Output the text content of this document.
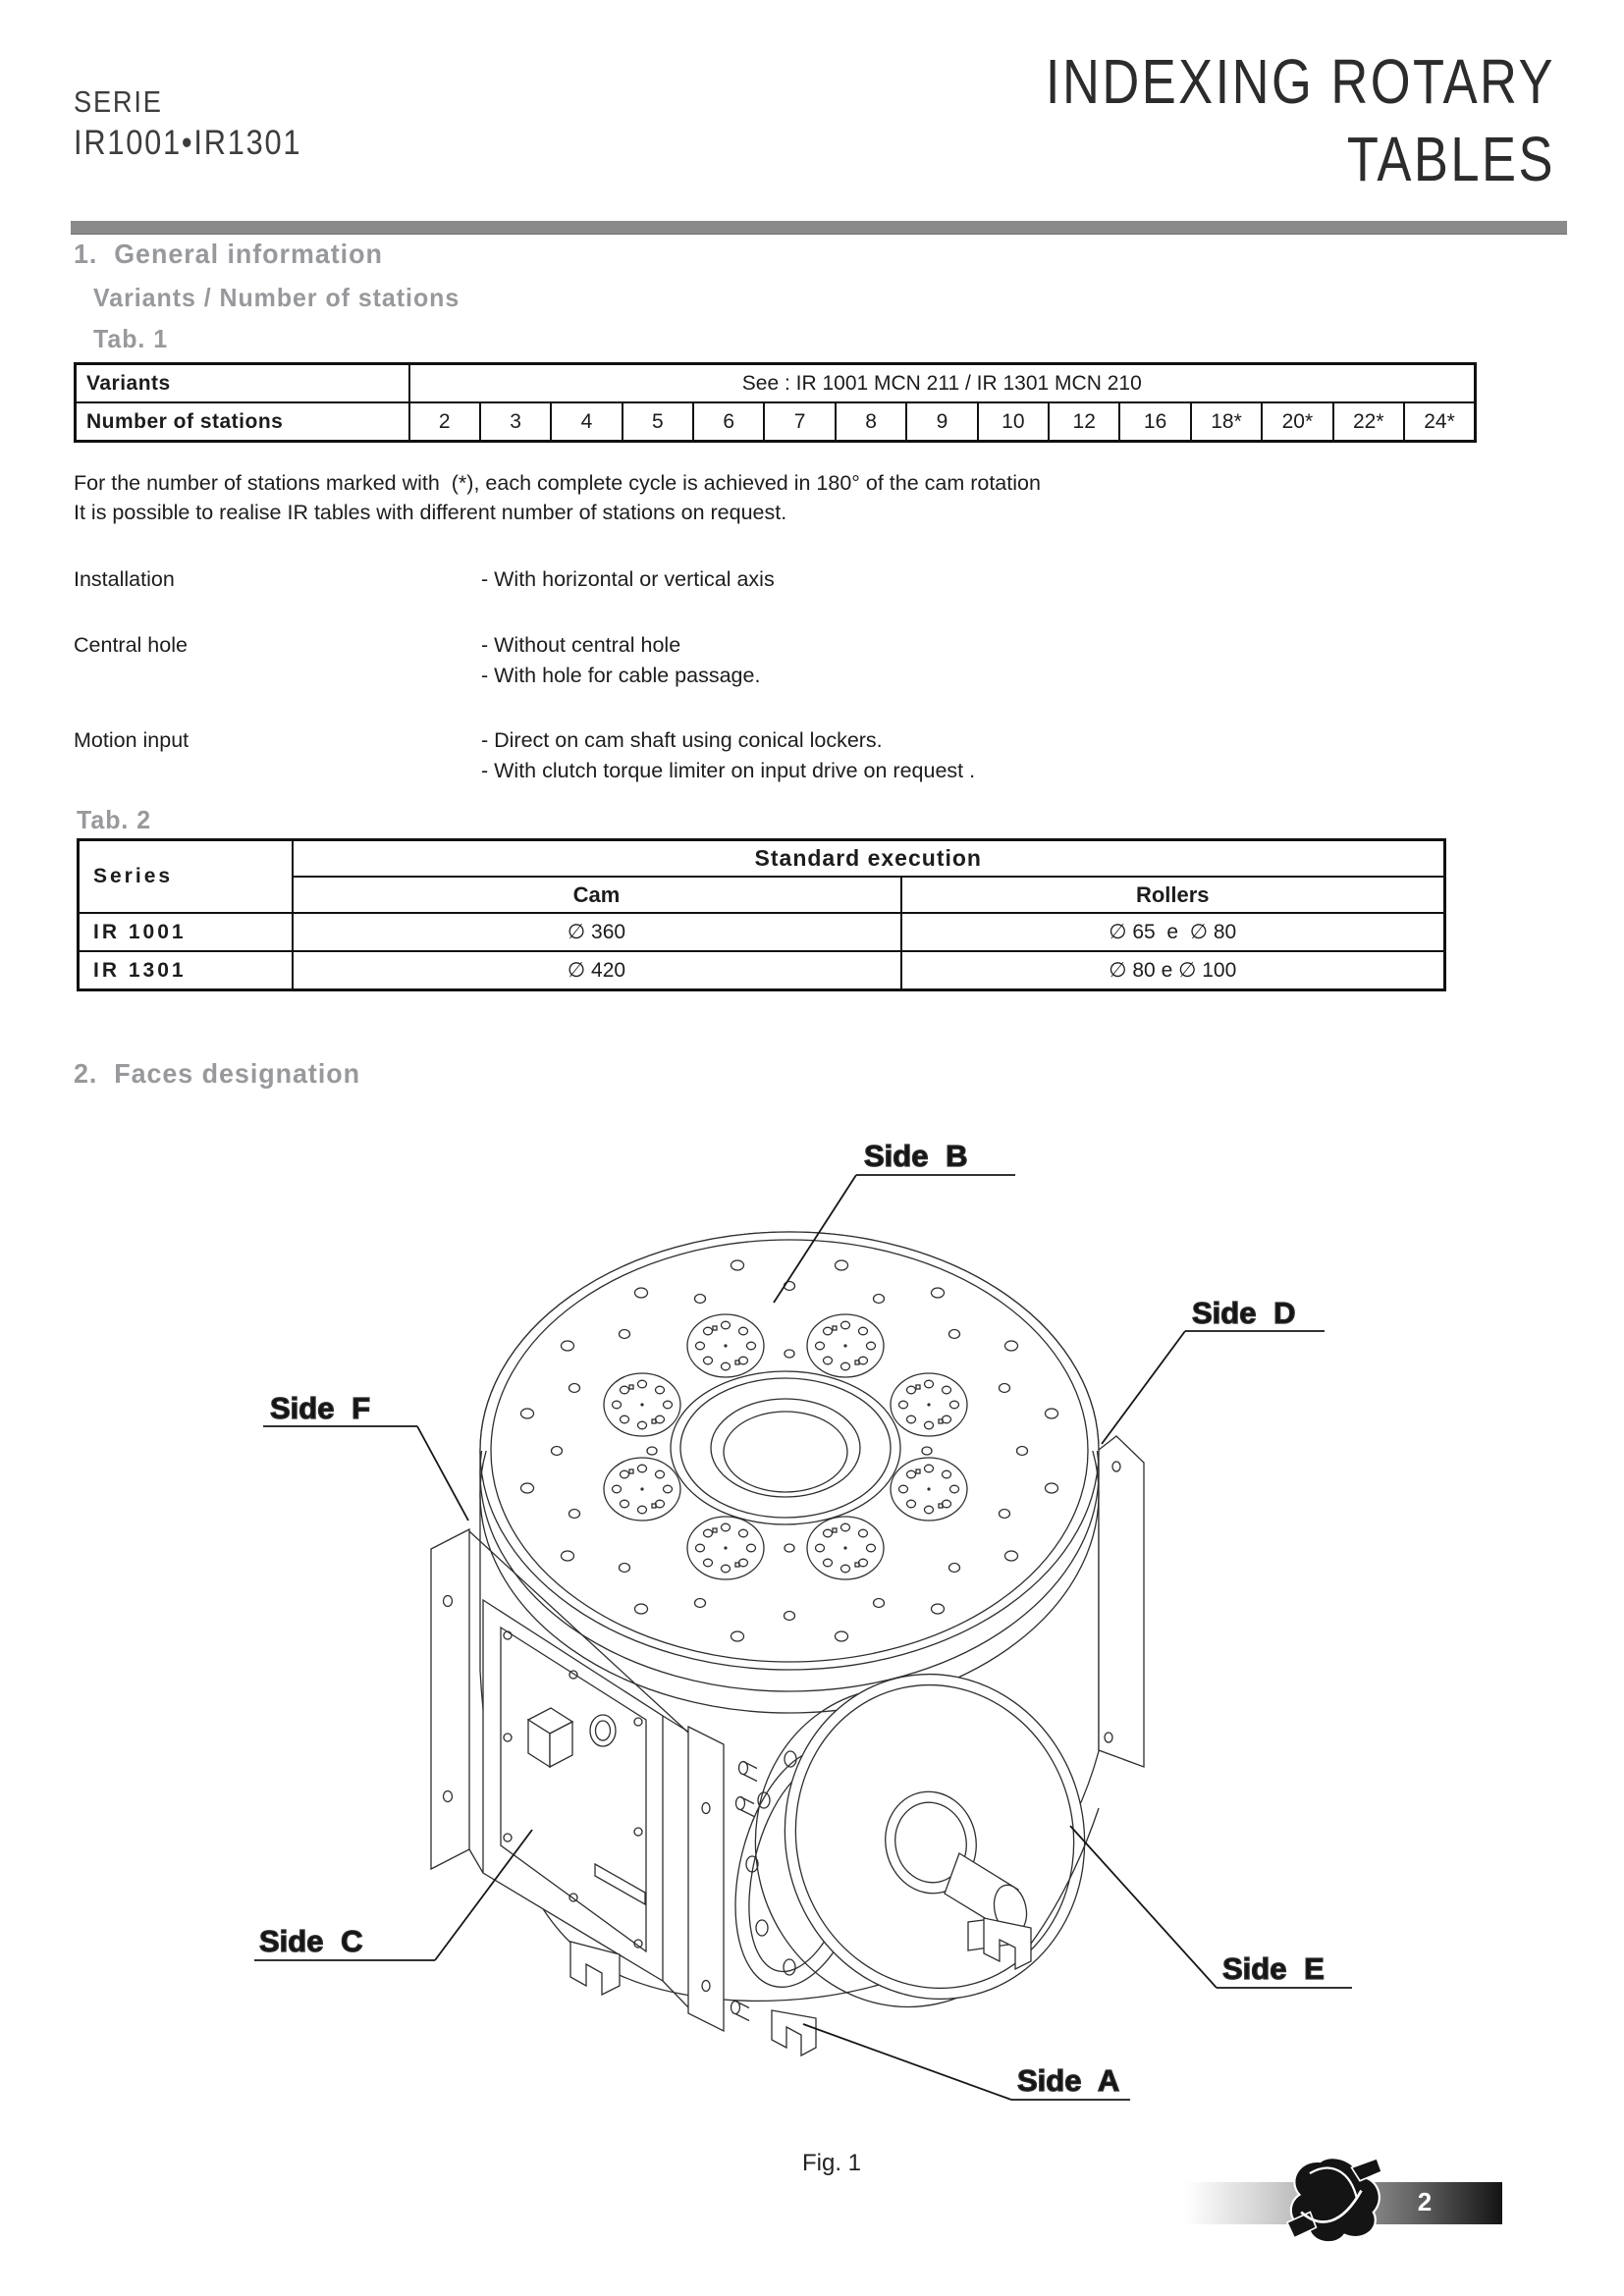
SERIE
IR1001•IR1301
INDEXING ROTARY
TABLES
1.  General information
Variants / Number of stations
Tab. 1
Variants	See : IR 1001 MCN 211 / IR 1301 MCN 210														
Number of stations	2	3	4	5	6	7	8	9	10	12	16	18*	20*	22*	24*
For the number of stations marked with  (*), each complete cycle is achieved in 180° of the cam rotation
It is possible to realise IR tables with different number of stations on request.
Installation	- With horizontal or vertical axis
Central hole	- Without central hole
- With hole for cable passage.
Motion input	- Direct on cam shaft using conical lockers.
- With clutch torque limiter on input drive on request .
Tab. 2
Series	Standard execution	
	Cam	Rollers
IR 1001	∅ 360	∅ 65  e  ∅ 80
IR 1301	∅ 420	∅ 80 e ∅ 100
2.  Faces designation
Side B
Side D
Side F
Side C
Side E
Side A
Fig. 1
2
